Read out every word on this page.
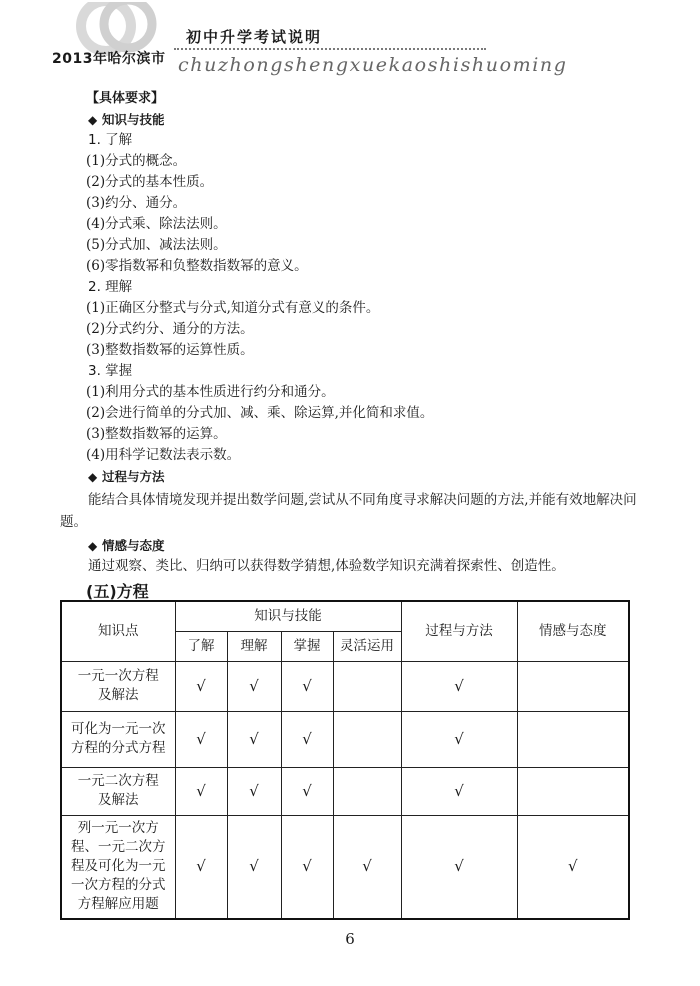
2013年哈尔滨市
初中升学考试说明
chuzhongshengxuekaoshishuoming
【具体要求】
◆ 知识与技能
1. 了解
(1)分式的概念。
(2)分式的基本性质。
(3)约分、通分。
(4)分式乘、除法法则。
(5)分式加、减法法则。
(6)零指数幂和负整数指数幂的意义。
2. 理解
(1)正确区分整式与分式,知道分式有意义的条件。
(2)分式约分、通分的方法。
(3)整数指数幂的运算性质。
3. 掌握
(1)利用分式的基本性质进行约分和通分。
(2)会进行简单的分式加、减、乘、除运算,并化简和求值。
(3)整数指数幂的运算。
(4)用科学记数法表示数。
◆ 过程与方法
能结合具体情境发现并提出数学问题,尝试从不同角度寻求解决问题的方法,并能有效地解决问题。
◆ 情感与态度
通过观察、类比、归纳可以获得数学猜想,体验数学知识充满着探索性、创造性。
(五)方程
知识点	知识与技能				过程与方法	情感与态度
	了解	理解	掌握	灵活运用		
一元一次方程及解法	√	√	√		√	
可化为一元一次方程的分式方程	√	√	√		√	
一元二次方程及解法	√	√	√		√	
列一元一次方程、一元二次方程及可化为一元一次方程的分式方程解应用题	√	√	√	√	√	√
6
